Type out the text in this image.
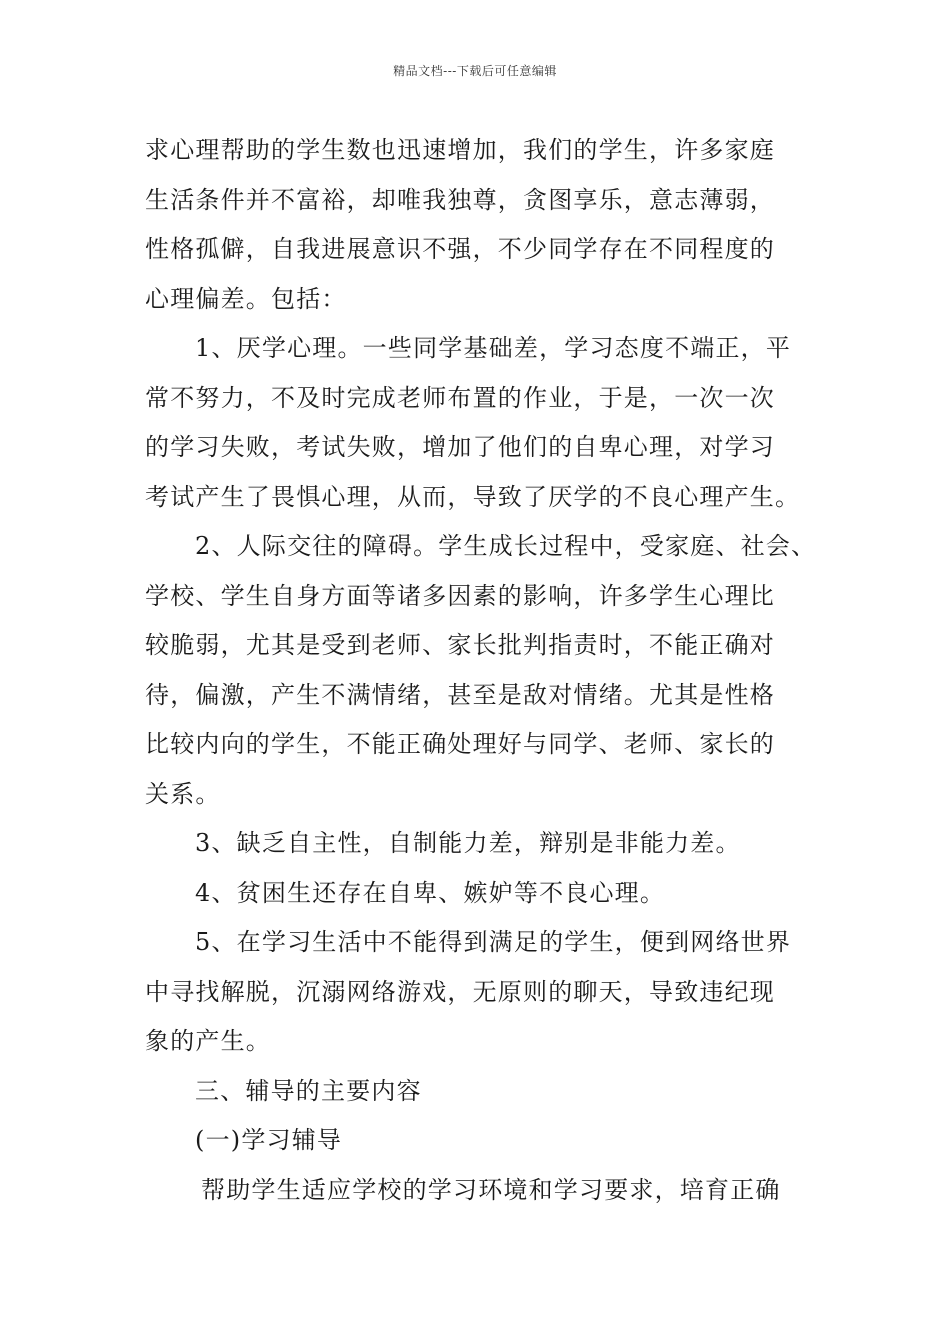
精品文档---下载后可任意编辑
求心理帮助的学生数也迅速增加，我们的学生，许多家庭
生活条件并不富裕，却唯我独尊，贪图享乐，意志薄弱，
性格孤僻，自我进展意识不强，不少同学存在不同程度的
心理偏差。包括：
1、厌学心理。一些同学基础差，学习态度不端正，平
常不努力，不及时完成老师布置的作业，于是，一次一次
的学习失败，考试失败，增加了他们的自卑心理，对学习
考试产生了畏惧心理，从而，导致了厌学的不良心理产生。
2、人际交往的障碍。学生成长过程中，受家庭、社会、
学校、学生自身方面等诸多因素的影响，许多学生心理比
较脆弱，尤其是受到老师、家长批判指责时，不能正确对
待，偏激，产生不满情绪，甚至是敌对情绪。尤其是性格
比较内向的学生，不能正确处理好与同学、老师、家长的
关系。
3、缺乏自主性，自制能力差，辩别是非能力差。
4、贫困生还存在自卑、嫉妒等不良心理。
5、在学习生活中不能得到满足的学生，便到网络世界
中寻找解脱，沉溺网络游戏，无原则的聊天，导致违纪现
象的产生。
三、辅导的主要内容
(一)学习辅导
帮助学生适应学校的学习环境和学习要求，培育正确
